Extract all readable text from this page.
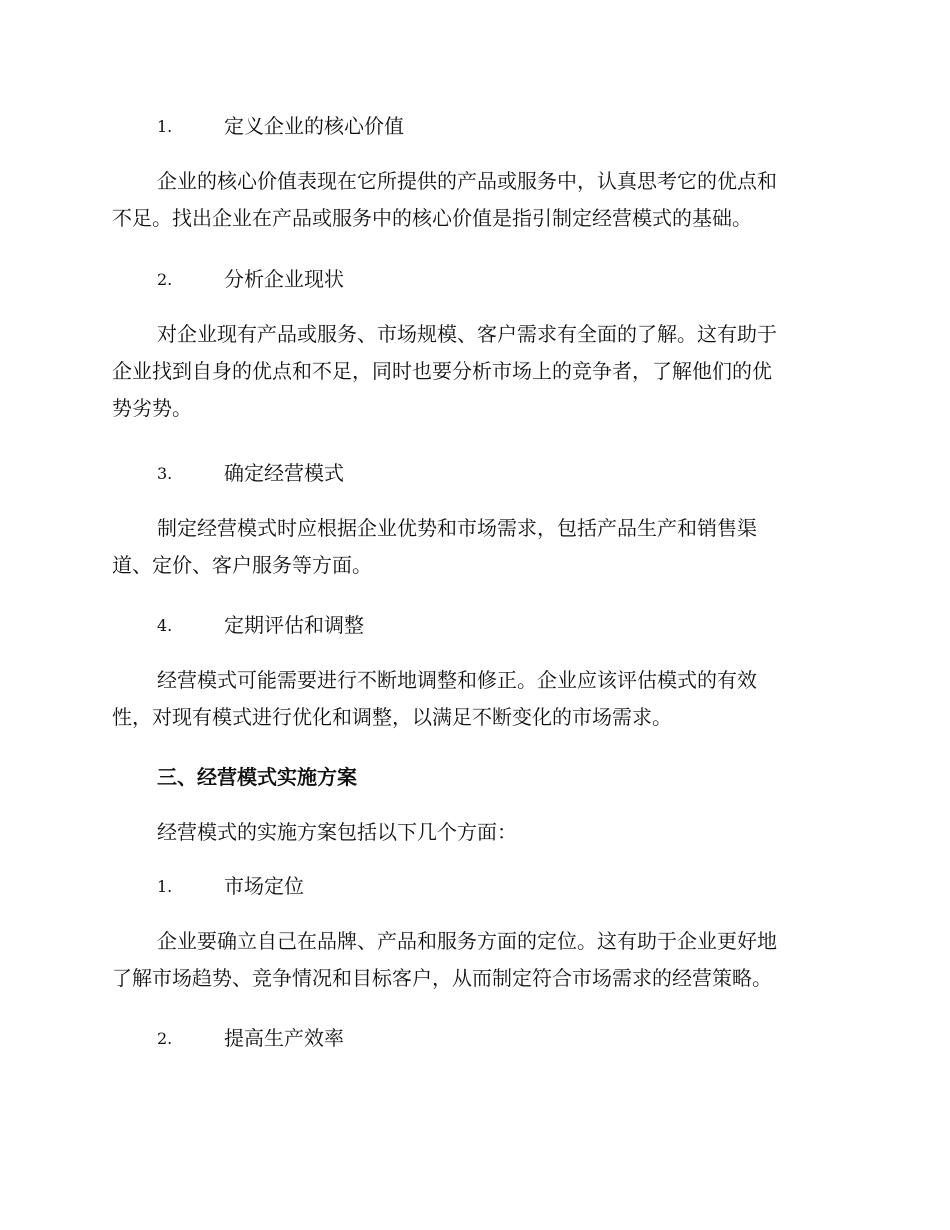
1.	定义企业的核心价值
企业的核心价值表现在它所提供的产品或服务中，认真思考它的优点和
不足。找出企业在产品或服务中的核心价值是指引制定经营模式的基础。
2.	分析企业现状
对企业现有产品或服务、市场规模、客户需求有全面的了解。这有助于
企业找到自身的优点和不足，同时也要分析市场上的竞争者，了解他们的优
势劣势。
3.	确定经营模式
制定经营模式时应根据企业优势和市场需求，包括产品生产和销售渠
道、定价、客户服务等方面。
4.	定期评估和调整
经营模式可能需要进行不断地调整和修正。企业应该评估模式的有效
性，对现有模式进行优化和调整，以满足不断变化的市场需求。
三、经营模式实施方案
经营模式的实施方案包括以下几个方面：
1.	市场定位
企业要确立自己在品牌、产品和服务方面的定位。这有助于企业更好地
了解市场趋势、竞争情况和目标客户，从而制定符合市场需求的经营策略。
2.	提高生产效率
